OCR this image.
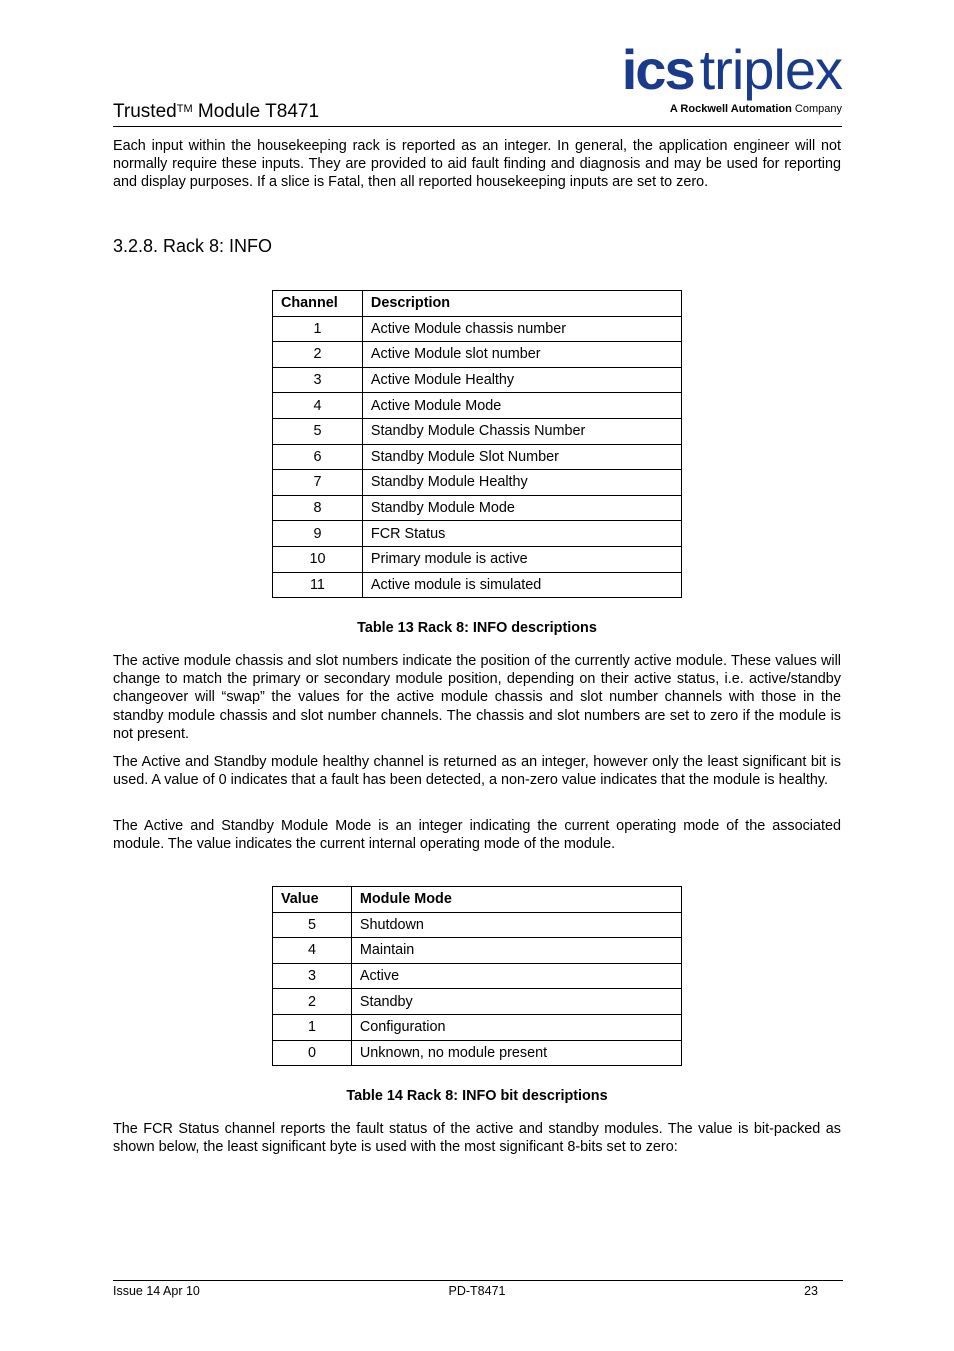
Trusted™ Module T8471
ics triplex
A Rockwell Automation Company
Each input within the housekeeping rack is reported as an integer. In general, the application engineer will not normally require these inputs. They are provided to aid fault finding and diagnosis and may be used for reporting and display purposes. If a slice is Fatal, then all reported housekeeping inputs are set to zero.
3.2.8. Rack 8: INFO
Channel	Description
1	Active Module chassis number
2	Active Module slot number
3	Active Module Healthy
4	Active Module Mode
5	Standby Module Chassis Number
6	Standby Module Slot Number
7	Standby Module Healthy
8	Standby Module Mode
9	FCR Status
10	Primary module is active
11	Active module is simulated
Table 13 Rack 8: INFO descriptions
The active module chassis and slot numbers indicate the position of the currently active module. These values will change to match the primary or secondary module position, depending on their active status, i.e. active/standby changeover will “swap” the values for the active module chassis and slot number channels with those in the standby module chassis and slot number channels. The chassis and slot numbers are set to zero if the module is not present.
The Active and Standby module healthy channel is returned as an integer, however only the least significant bit is used. A value of 0 indicates that a fault has been detected, a non-zero value indicates that the module is healthy.
The Active and Standby Module Mode is an integer indicating the current operating mode of the associated module. The value indicates the current internal operating mode of the module.
Value	Module Mode
5	Shutdown
4	Maintain
3	Active
2	Standby
1	Configuration
0	Unknown, no module present
Table 14 Rack 8: INFO bit descriptions
The FCR Status channel reports the fault status of the active and standby modules. The value is bit-packed as shown below, the least significant byte is used with the most significant 8-bits set to zero:
Issue 14 Apr 10	PD-T8471	23
